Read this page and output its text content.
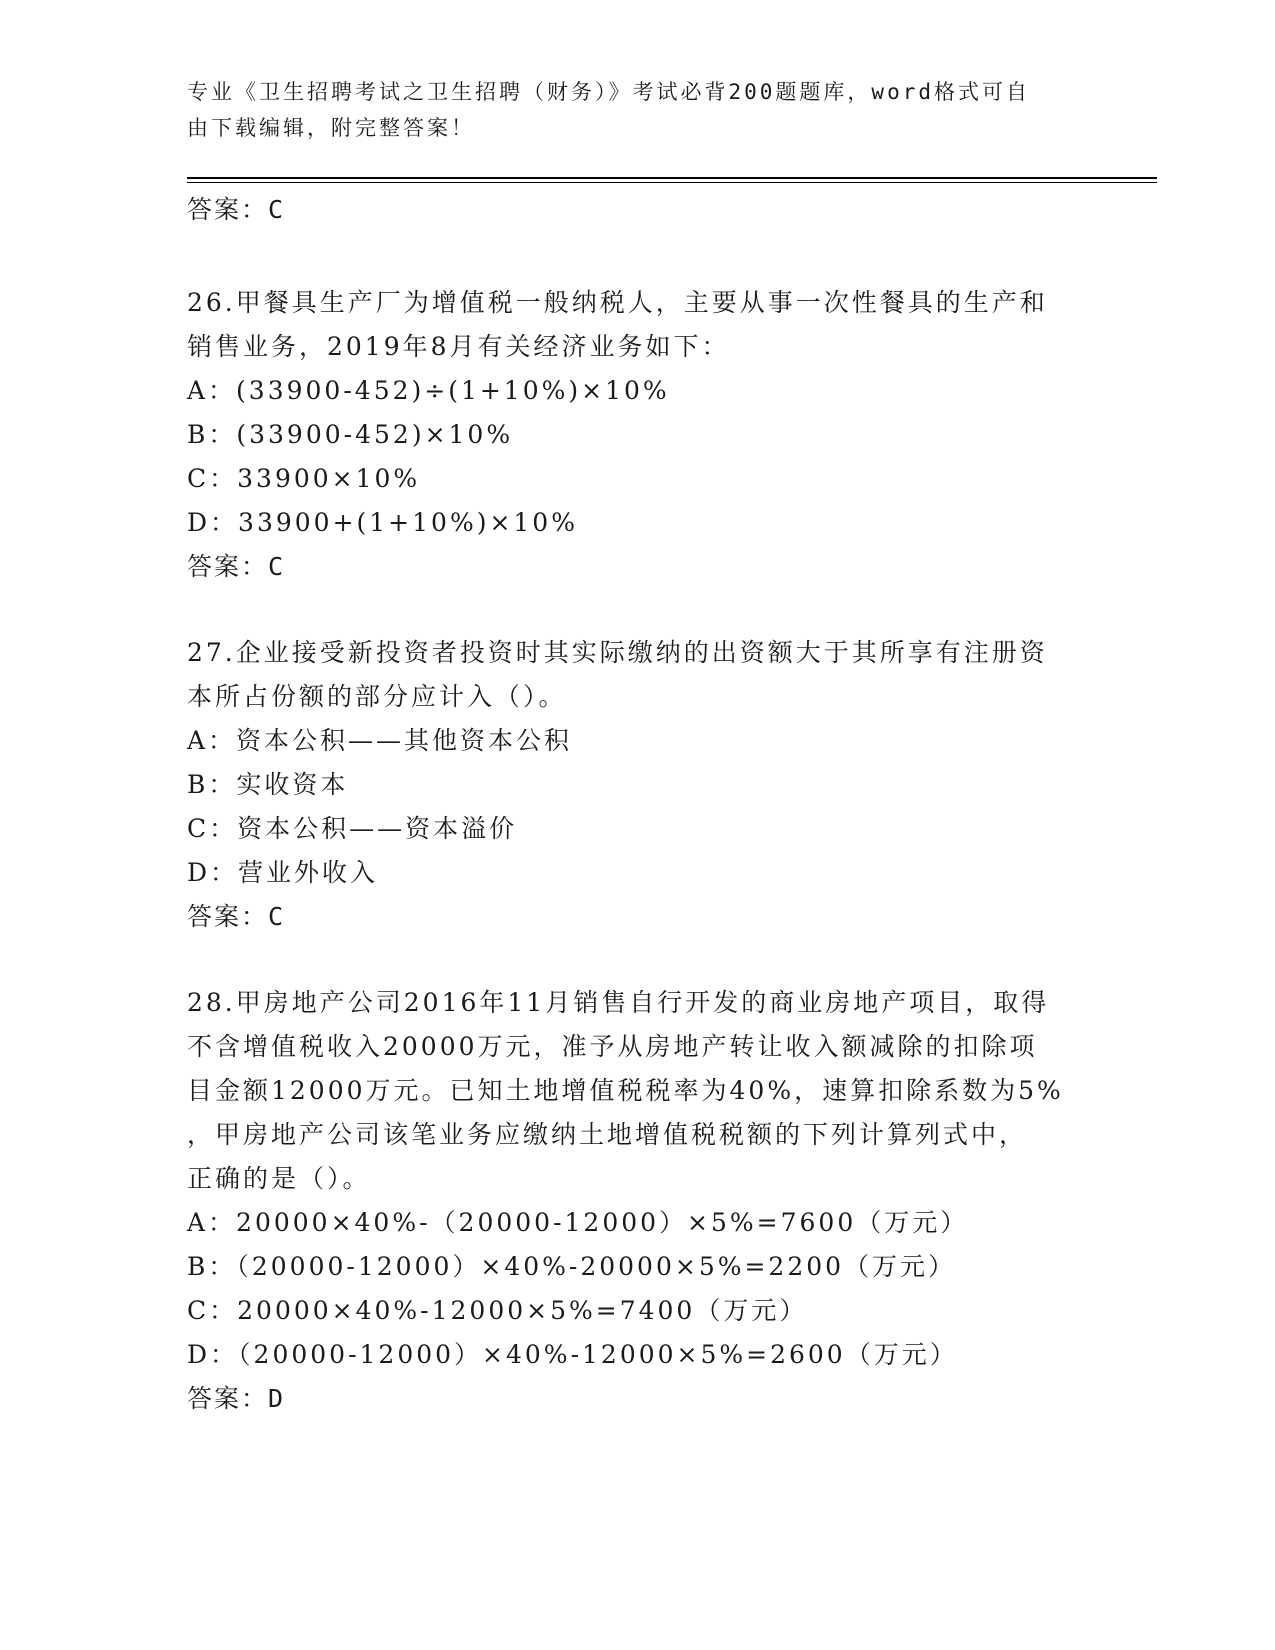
专业《卫生招聘考试之卫生招聘（财务）》考试必背200题题库，word格式可自
由下载编辑，附完整答案！
答案：C
26.甲餐具生产厂为增值税一般纳税人，主要从事一次性餐具的生产和
销售业务，2019年8月有关经济业务如下：
A：(33900-452)÷(1+10%)×10%
B：(33900-452)×10%
C：33900×10%
D：33900+(1+10%)×10%
答案：C
27.企业接受新投资者投资时其实际缴纳的出资额大于其所享有注册资
本所占份额的部分应计入（）。
A：资本公积——其他资本公积
B：实收资本
C：资本公积——资本溢价
D：营业外收入
答案：C
28.甲房地产公司2016年11月销售自行开发的商业房地产项目，取得
不含增值税收入20000万元，准予从房地产转让收入额减除的扣除项
目金额12000万元。已知土地增值税税率为40%，速算扣除系数为5%
，甲房地产公司该笔业务应缴纳土地增值税税额的下列计算列式中，
正确的是（）。
A：20000×40%-（20000-12000）×5%=7600（万元）
B：（20000-12000）×40%-20000×5%=2200（万元）
C：20000×40%-12000×5%=7400（万元）
D：（20000-12000）×40%-12000×5%=2600（万元）
答案：D
